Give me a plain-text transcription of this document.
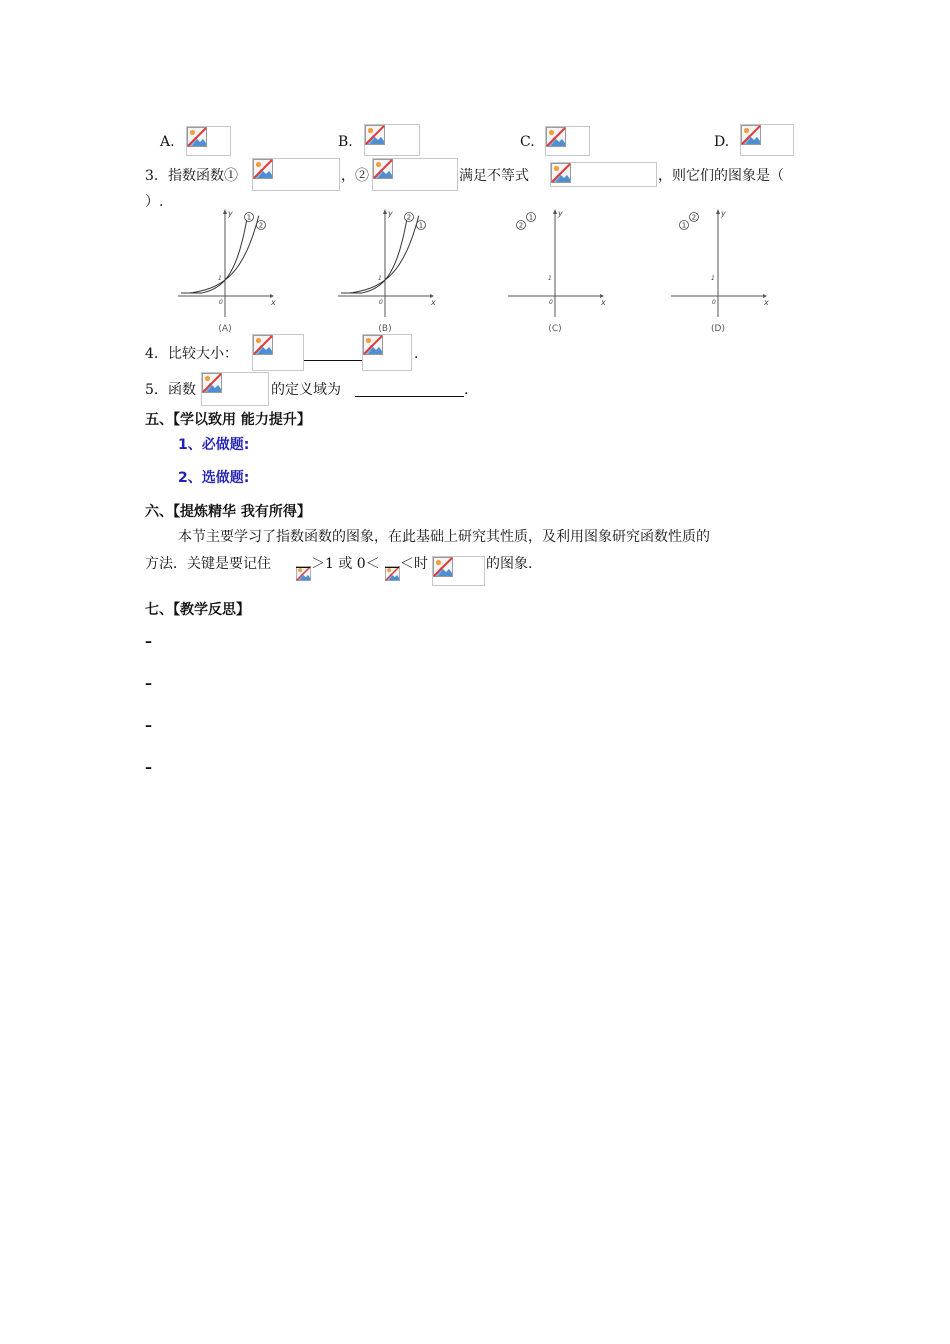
A.	B.	C.	D.
3. 指数函数①	，②	满足不等式	，则它们的图象是（
）.
y
x
0
1
1
2
(A)
y
x
0
1
2
1
(B)
y
x
0
1
2
1
(C)
y
x
0
1
1
2
(D)
4. 比较大小：	.
5. 函数	的定义域为	.
五、【学以致用 能力提升】
1、必做题:
2、选做题:
六、【提炼精华 我有所得】
本节主要学习了指数函数的图象，在此基础上研究其性质，及利用图象研究函数性质的
方法．关键是要记住	＞1 或 0＜ ＜时	的图象.
七、【教学反思】
–
–
–
–
